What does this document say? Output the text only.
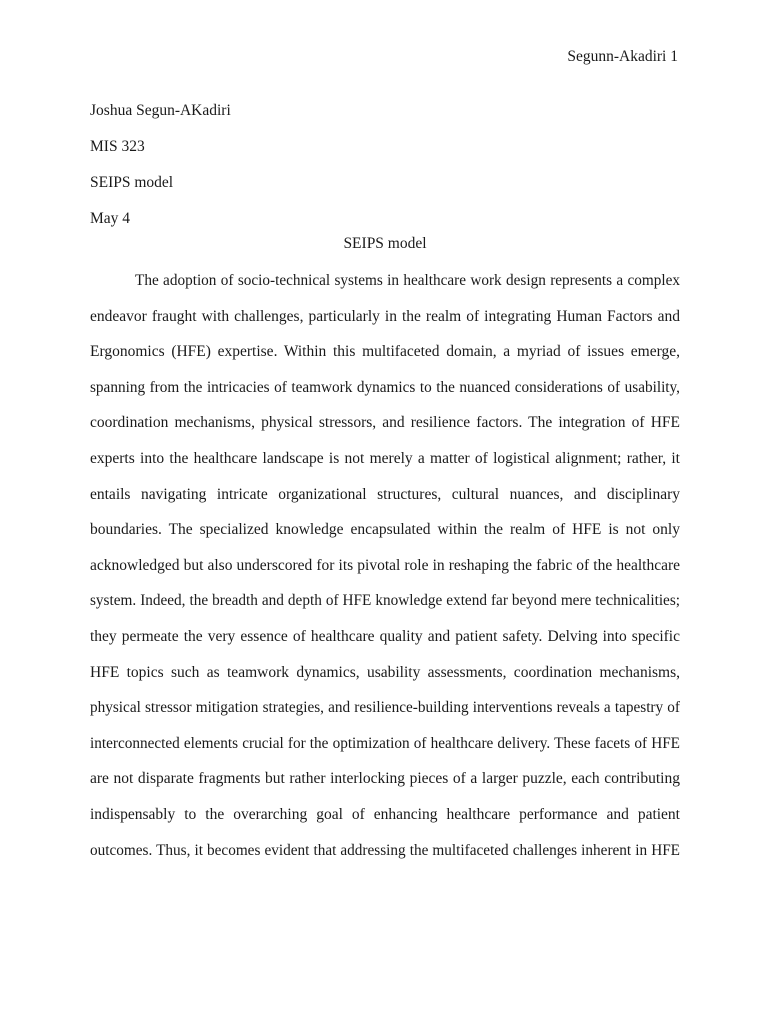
Segunn-Akadiri 1
Joshua Segun-AKadiri
MIS 323
SEIPS model
May 4
SEIPS model
The adoption of socio-technical systems in healthcare work design represents a complex
endeavor fraught with challenges, particularly in the realm of integrating Human Factors and
Ergonomics (HFE) expertise. Within this multifaceted domain, a myriad of issues emerge,
spanning from the intricacies of teamwork dynamics to the nuanced considerations of usability,
coordination mechanisms, physical stressors, and resilience factors. The integration of HFE
experts into the healthcare landscape is not merely a matter of logistical alignment; rather, it
entails navigating intricate organizational structures, cultural nuances, and disciplinary
boundaries. The specialized knowledge encapsulated within the realm of HFE is not only
acknowledged but also underscored for its pivotal role in reshaping the fabric of the healthcare
system. Indeed, the breadth and depth of HFE knowledge extend far beyond mere technicalities;
they permeate the very essence of healthcare quality and patient safety. Delving into specific
HFE topics such as teamwork dynamics, usability assessments, coordination mechanisms,
physical stressor mitigation strategies, and resilience-building interventions reveals a tapestry of
interconnected elements crucial for the optimization of healthcare delivery. These facets of HFE
are not disparate fragments but rather interlocking pieces of a larger puzzle, each contributing
indispensably to the overarching goal of enhancing healthcare performance and patient
outcomes. Thus, it becomes evident that addressing the multifaceted challenges inherent in HFE
